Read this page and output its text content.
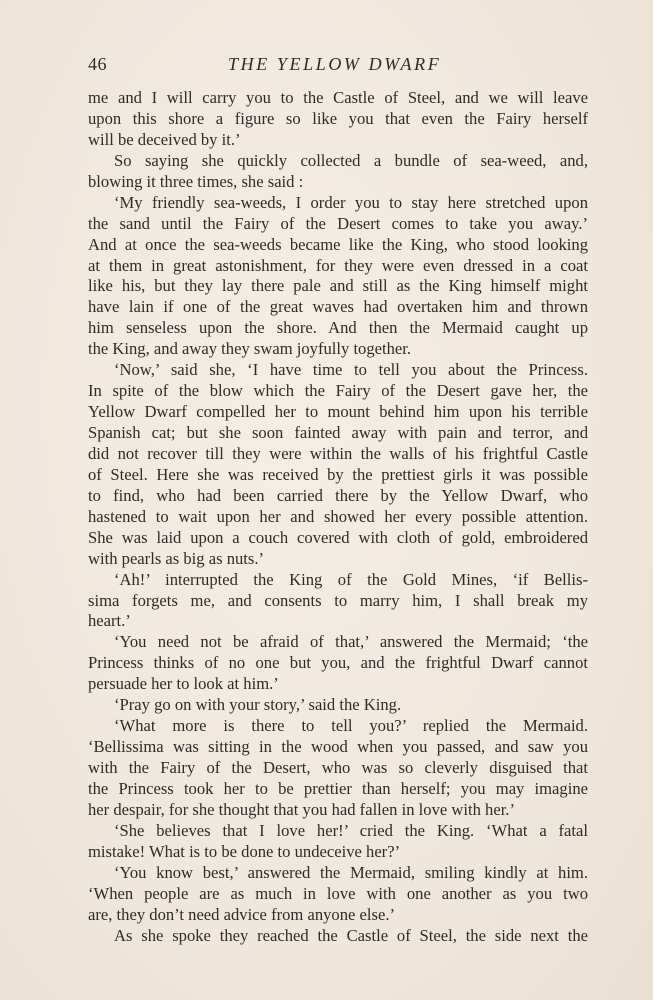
46	THE YELLOW DWARF
me and I will carry you to the Castle of Steel, and we will leave
upon this shore a figure so like you that even the Fairy herself
will be deceived by it.’
So saying she quickly collected a bundle of sea-weed, and,
blowing it three times, she said :
‘My friendly sea-weeds, I order you to stay here stretched upon
the sand until the Fairy of the Desert comes to take you away.’
And at once the sea-weeds became like the King, who stood looking
at them in great astonishment, for they were even dressed in a coat
like his, but they lay there pale and still as the King himself might
have lain if one of the great waves had overtaken him and thrown
him senseless upon the shore. And then the Mermaid caught up
the King, and away they swam joyfully together.
‘Now,’ said she, ‘I have time to tell you about the Princess.
In spite of the blow which the Fairy of the Desert gave her, the
Yellow Dwarf compelled her to mount behind him upon his terrible
Spanish cat; but she soon fainted away with pain and terror, and
did not recover till they were within the walls of his frightful Castle
of Steel. Here she was received by the prettiest girls it was possible
to find, who had been carried there by the Yellow Dwarf, who
hastened to wait upon her and showed her every possible attention.
She was laid upon a couch covered with cloth of gold, embroidered
with pearls as big as nuts.’
‘Ah!’ interrupted the King of the Gold Mines, ‘if Bellis-
sima forgets me, and consents to marry him, I shall break my
heart.’
‘You need not be afraid of that,’ answered the Mermaid; ‘the
Princess thinks of no one but you, and the frightful Dwarf cannot
persuade her to look at him.’
‘Pray go on with your story,’ said the King.
‘What more is there to tell you?’ replied the Mermaid.
‘Bellissima was sitting in the wood when you passed, and saw you
with the Fairy of the Desert, who was so cleverly disguised that
the Princess took her to be prettier than herself; you may imagine
her despair, for she thought that you had fallen in love with her.’
‘She believes that I love her!’ cried the King. ‘What a fatal
mistake! What is to be done to undeceive her?’
‘You know best,’ answered the Mermaid, smiling kindly at him.
‘When people are as much in love with one another as you two
are, they don’t need advice from anyone else.’
As she spoke they reached the Castle of Steel, the side next the
